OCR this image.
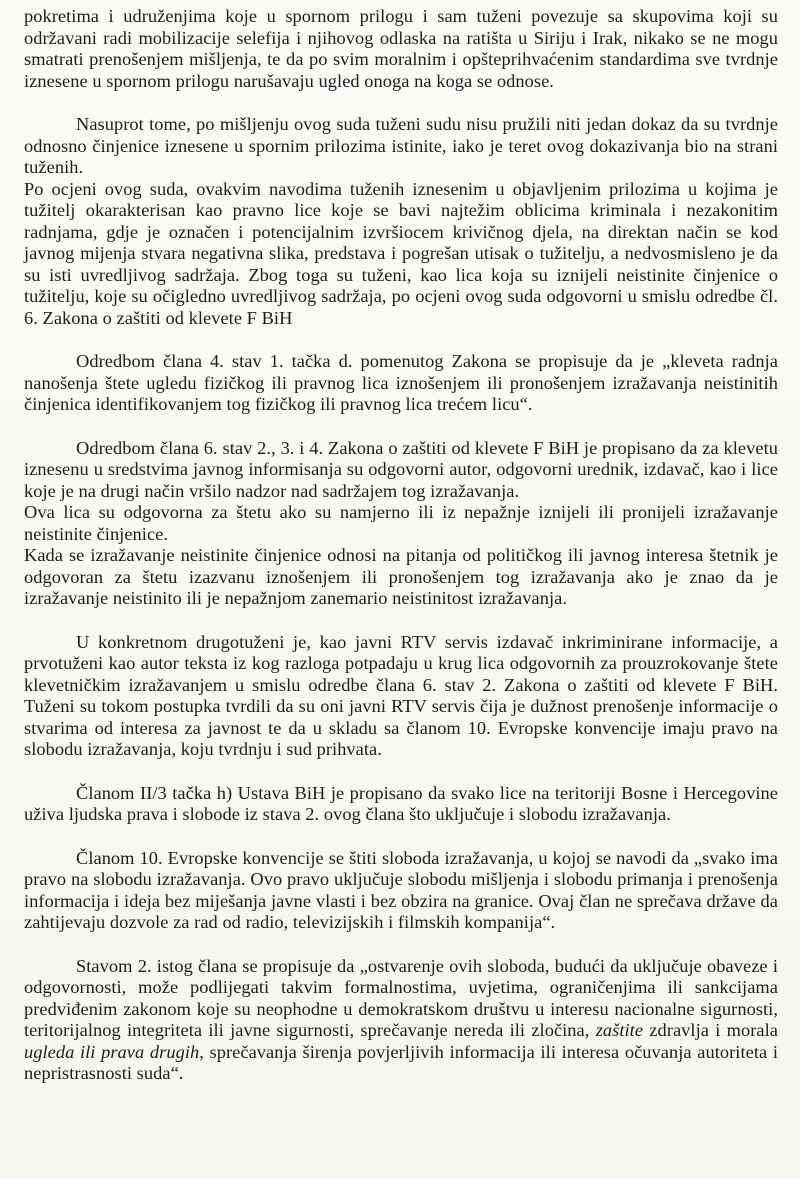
pokretima i udruženjima koje u spornom prilogu i sam tuženi povezuje sa skupovima koji su održavani radi mobilizacije selefija i njihovog odlaska na ratišta u Siriju i Irak, nikako se ne mogu smatrati prenošenjem mišljenja, te da po svim moralnim i opšteprihvaćenim standardima sve tvrdnje iznesene u spornom prilogu narušavaju ugled onoga na koga se odnose.

Nasuprot tome, po mišljenju ovog suda tuženi sudu nisu pružili niti jedan dokaz da su tvrdnje odnosno činjenice iznesene u spornim prilozima istinite, iako je teret ovog dokazivanja bio na strani tuženih.

Po ocjeni ovog suda, ovakvim navodima tuženih iznesenim u objavljenim prilozima u kojima je tužitelj okarakterisan kao pravno lice koje se bavi najtežim oblicima kriminala i nezakonitim radnjama, gdje je označen i potencijalnim izvršiocem krivičnog djela, na direktan način se kod javnog mijenja stvara negativna slika, predstava i pogrešan utisak o tužitelju, a nedvosmisleno je da su isti uvredljivog sadržaja. Zbog toga su tuženi, kao lica koja su iznijeli neistinite činjenice o tužitelju, koje su očigledno uvredljivog sadržaja, po ocjeni ovog suda odgovorni u smislu odredbe čl. 6. Zakona o zaštiti od klevete F BiH

Odredbom člana 4. stav 1. tačka d. pomenutog Zakona se propisuje da je „kleveta radnja nanošenja štete ugledu fizičkog ili pravnog lica iznošenjem ili pronošenjem izražavanja neistinitih činjenica identifikovanjem tog fizičkog ili pravnog lica trećem licu“.

Odredbom člana 6. stav 2., 3. i 4. Zakona o zaštiti od klevete F BiH je propisano da za klevetu iznesenu u sredstvima javnog informisanja su odgovorni autor, odgovorni urednik, izdavač, kao i lice koje je na drugi način vršilo nadzor nad sadržajem tog izražavanja.

Ova lica su odgovorna za štetu ako su namjerno ili iz nepažnje iznijeli ili pronijeli izražavanje neistinite činjenice.

Kada se izražavanje neistinite činjenice odnosi na pitanja od političkog ili javnog interesa štetnik je odgovoran za štetu izazvanu iznošenjem ili pronošenjem tog izražavanja ako je znao da je izražavanje neistinito ili je nepažnjom zanemario neistinitost izražavanja.

U konkretnom drugotuženi je, kao javni RTV servis izdavač inkriminirane informacije, a prvotuženi kao autor teksta iz kog razloga potpadaju u krug lica odgovornih za prouzrokovanje štete klevetničkim izražavanjem u smislu odredbe člana 6. stav 2. Zakona o zaštiti od klevete F BiH. Tuženi su tokom postupka tvrdili da su oni javni RTV servis čija je dužnost prenošenje informacije o stvarima od interesa za javnost te da u skladu sa članom 10. Evropske konvencije imaju pravo na slobodu izražavanja, koju tvrdnju i sud prihvata.

Članom II/3 tačka h) Ustava BiH je propisano da svako lice na teritoriji Bosne i Hercegovine uživa ljudska prava i slobode iz stava 2. ovog člana što uključuje i slobodu izražavanja.

Članom 10. Evropske konvencije se štiti sloboda izražavanja, u kojoj se navodi da „svako ima pravo na slobodu izražavanja. Ovo pravo uključuje slobodu mišljenja i slobodu primanja i prenošenja informacija i ideja bez miješanja javne vlasti i bez obzira na granice. Ovaj član ne sprečava države da zahtijevaju dozvole za rad od radio, televizijskih i filmskih kompanija“.

Stavom 2. istog člana se propisuje da „ostvarenje ovih sloboda, budući da uključuje obaveze i odgovornosti, može podlijegati takvim formalnostima, uvjetima, ograničenjima ili sankcijama predviđenim zakonom koje su neophodne u demokratskom društvu u interesu nacionalne sigurnosti, teritorijalnog integriteta ili javne sigurnosti, sprečavanje nereda ili zločina, zaštite zdravlja i morala ugleda ili prava drugih, sprečavanja širenja povjerljivih informacija ili interesa očuvanja autoriteta i nepristrasnosti suda“.
